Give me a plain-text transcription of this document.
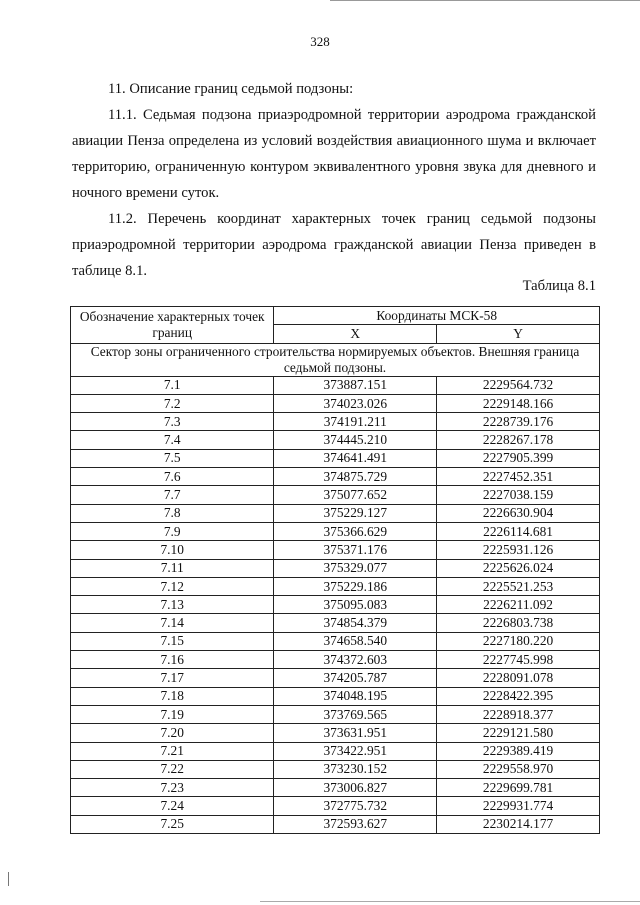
328
11. Описание границ седьмой подзоны:
11.1. Седьмая подзона приаэродромной территории аэродрома гражданской авиации Пенза определена из условий воздействия авиационного шума и включает территорию, ограниченную контуром эквивалентного уровня звука для дневного и ночного времени суток.
11.2. Перечень координат характерных точек границ седьмой подзоны приаэродромной территории аэродрома гражданской авиации Пенза приведен в таблице 8.1.
Таблица 8.1
Обозначение характерных точек границ	Координаты МСК-58	
	X	Y
Сектор зоны ограниченного строительства нормируемых объектов. Внешняя граница седьмой подзоны.		
7.1	373887.151	2229564.732
7.2	374023.026	2229148.166
7.3	374191.211	2228739.176
7.4	374445.210	2228267.178
7.5	374641.491	2227905.399
7.6	374875.729	2227452.351
7.7	375077.652	2227038.159
7.8	375229.127	2226630.904
7.9	375366.629	2226114.681
7.10	375371.176	2225931.126
7.11	375329.077	2225626.024
7.12	375229.186	2225521.253
7.13	375095.083	2226211.092
7.14	374854.379	2226803.738
7.15	374658.540	2227180.220
7.16	374372.603	2227745.998
7.17	374205.787	2228091.078
7.18	374048.195	2228422.395
7.19	373769.565	2228918.377
7.20	373631.951	2229121.580
7.21	373422.951	2229389.419
7.22	373230.152	2229558.970
7.23	373006.827	2229699.781
7.24	372775.732	2229931.774
7.25	372593.627	2230214.177
